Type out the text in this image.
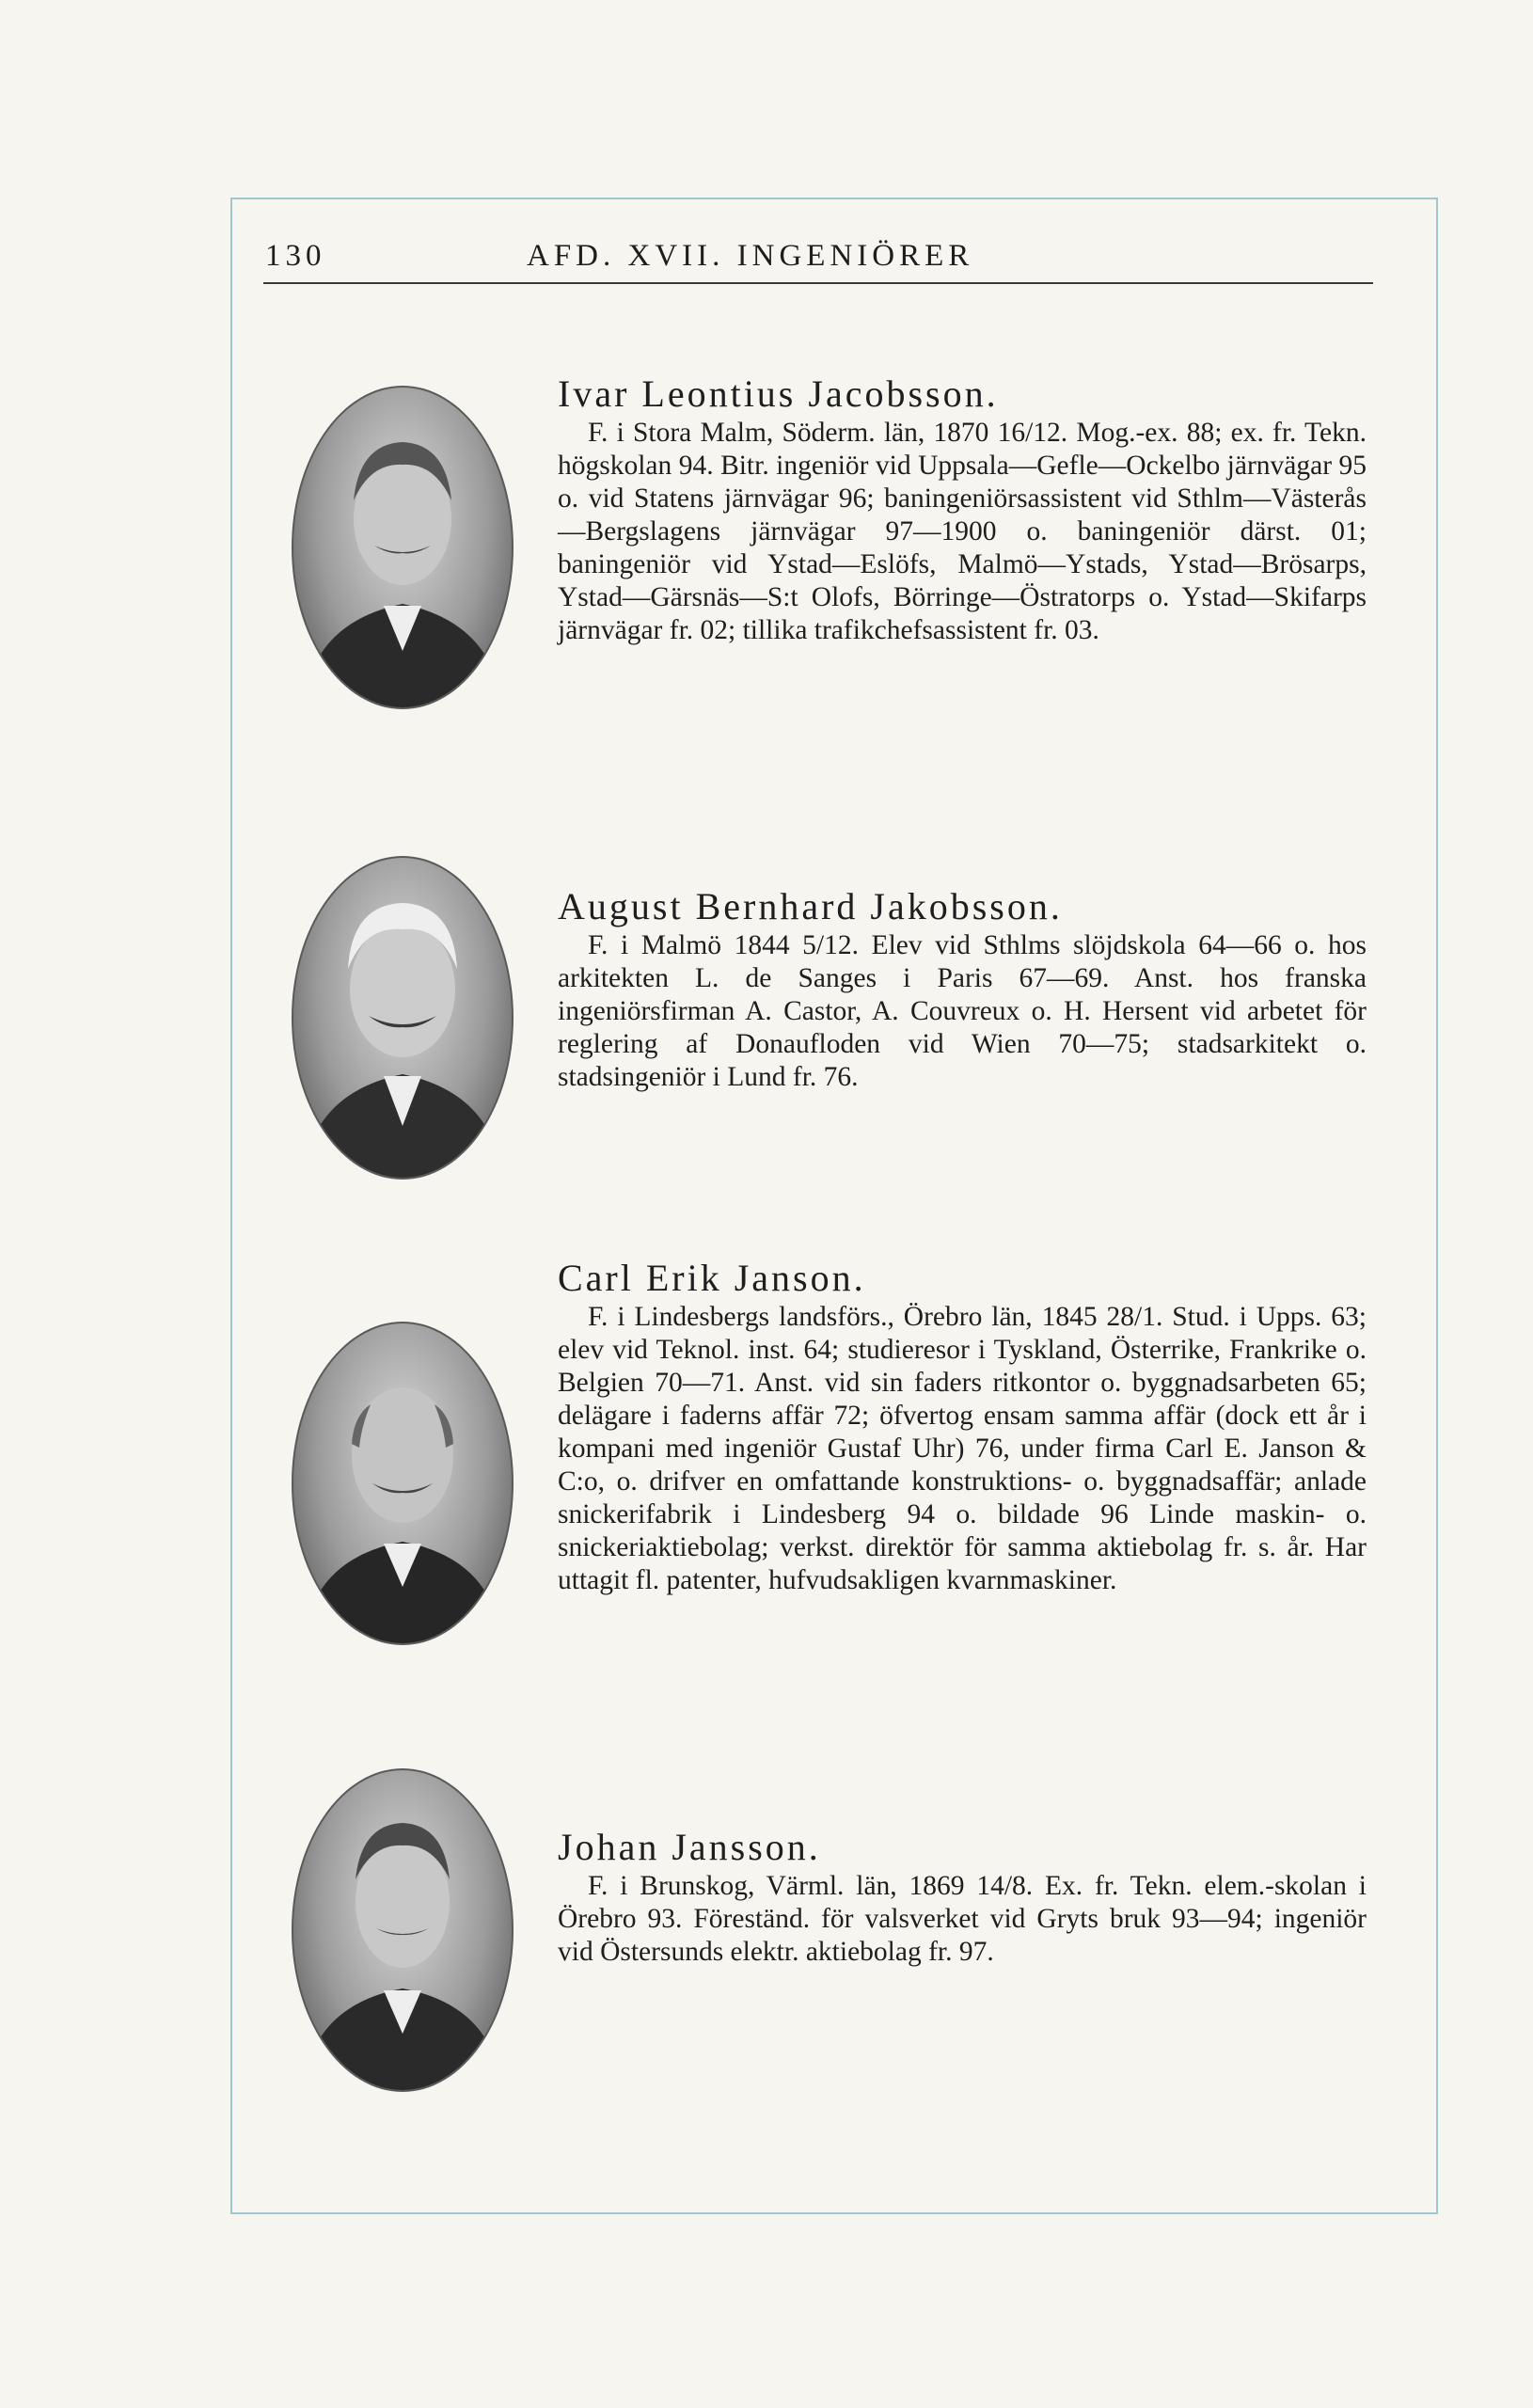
130	AFD. XVII. INGENIÖRER
Ivar Leontius Jacobsson.

F. i Stora Malm, Söderm. län, 1870 16/12. Mog.-ex. 88; ex. fr. Tekn. högskolan 94. Bitr. ingeniör vid Uppsala—Gefle—Ockelbo järnvägar 95 o. vid Statens järnvägar 96; baningeniörsassistent vid Sthlm—Västerås—Bergslagens järnvägar 97—1900 o. baningeniör därst. 01; baningeniör vid Ystad—Eslöfs, Malmö—Ystads, Ystad—Brösarps, Ystad—Gärsnäs—S:t Olofs, Börringe—Östratorps o. Ystad—Skifarps järnvägar fr. 02; tillika trafikchefsassistent fr. 03.

August Bernhard Jakobsson.

F. i Malmö 1844 5/12. Elev vid Sthlms slöjdskola 64—66 o. hos arkitekten L. de Sanges i Paris 67—69. Anst. hos franska ingeniörsfirman A. Castor, A. Couvreux o. H. Hersent vid arbetet för reglering af Donaufloden vid Wien 70—75; stadsarkitekt o. stadsingeniör i Lund fr. 76.

Carl Erik Janson.

F. i Lindesbergs landsförs., Örebro län, 1845 28/1. Stud. i Upps. 63; elev vid Teknol. inst. 64; studieresor i Tyskland, Österrike, Frankrike o. Belgien 70—71. Anst. vid sin faders ritkontor o. byggnadsarbeten 65; delägare i faderns affär 72; öfvertog ensam samma affär (dock ett år i kompani med ingeniör Gustaf Uhr) 76, under firma Carl E. Janson & C:o, o. drifver en omfattande konstruktions- o. byggnadsaffär; anlade snickerifabrik i Lindesberg 94 o. bildade 96 Linde maskin- o. snickeriaktiebolag; verkst. direktör för samma aktiebolag fr. s. år. Har uttagit fl. patenter, hufvudsakligen kvarnmaskiner.

Johan Jansson.

F. i Brunskog, Värml. län, 1869 14/8. Ex. fr. Tekn. elem.-skolan i Örebro 93. Föreständ. för valsverket vid Gryts bruk 93—94; ingeniör vid Östersunds elektr. aktiebolag fr. 97.
